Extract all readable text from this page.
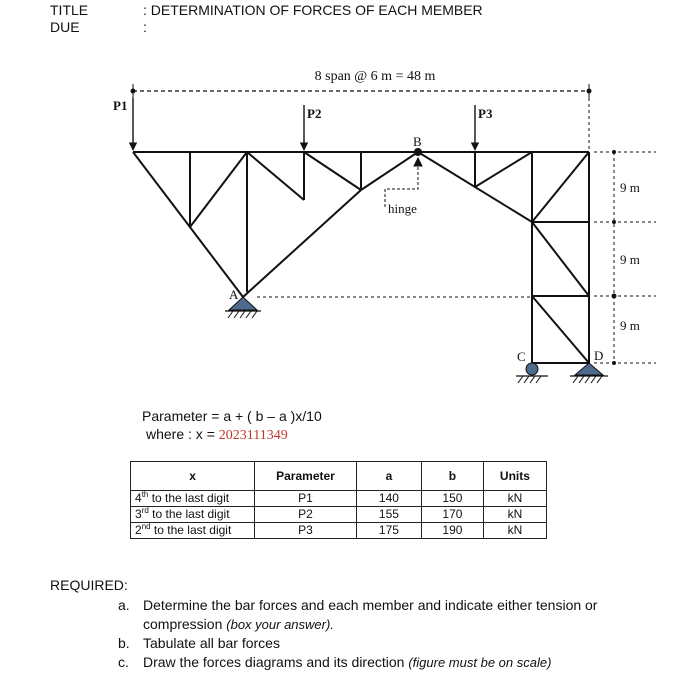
TITLE	: DETERMINATION OF FORCES OF EACH MEMBER
DUE	:
8 span @ 6 m = 48 m
P1
P2	P3
B
hinge
A
C	D
9 m
9 m
9 m
Parameter = a + ( b – a )x/10
where : x = 2023111349
x	Parameter	a	b	Units
4th to the last digit	P1	140	150	kN
3rd to the last digit	P2	155	170	kN
2nd to the last digit	P3	175	190	kN
REQUIRED:
a. Determine the bar forces and each member and indicate either tension or compression (box your answer).
b. Tabulate all bar forces
c.	Draw the forces diagrams and its direction (figure must be on scale)
